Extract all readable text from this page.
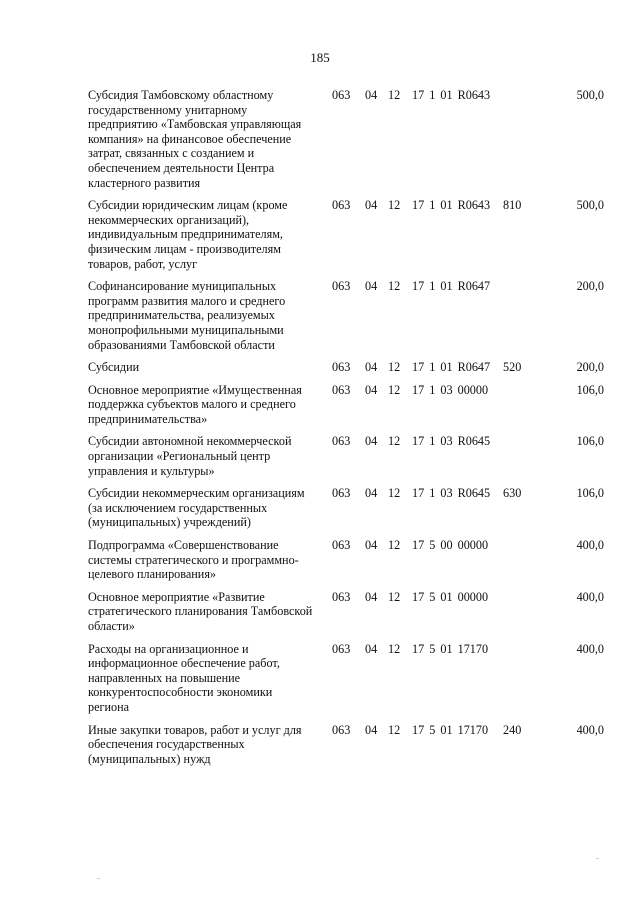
185
Субсидия Тамбовскому областному государственному унитарному предприятию «Тамбовская управляющая компания» на финансовое обеспечение затрат, связанных с созданием и обеспечением деятельности Центра кластерного развития
063 04 12 17 1 01 R0643	500,0
Субсидии юридическим лицам (кроме некоммерческих организаций), индивидуальным предпринимателям, физическим лицам - производителям товаров, работ, услуг
063 04 12 17 1 01 R0643 810	500,0
Софинансирование муниципальных программ развития малого и среднего предпринимательства, реализуемых монопрофильными муниципальными образованиями Тамбовской области
063 04 12 17 1 01 R0647	200,0
Субсидии	063 04 12 17 1 01 R0647 520	200,0
Основное мероприятие «Имущественная поддержка субъектов малого и среднего предпринимательства»
063 04 12 17 1 03 00000	106,0
Субсидии автономной некоммерческой организации «Региональный центр управления и культуры»
063 04 12 17 1 03 R0645	106,0
Субсидии некоммерческим организациям (за исключением государственных (муниципальных) учреждений)
063 04 12 17 1 03 R0645 630	106,0
Подпрограмма «Совершенствование системы стратегического и программно-целевого планирования»
063 04 12 17 5 00 00000	400,0
Основное мероприятие «Развитие стратегического планирования Тамбовской области»
063 04 12 17 5 01 00000	400,0
Расходы на организационное и информационное обеспечение работ, направленных на повышение конкурентоспособности экономики региона
063 04 12 17 5 01 17170	400,0
Иные закупки товаров, работ и услуг для обеспечения государственных (муниципальных) нужд
063 04 12 17 5 01 17170 240	400,0
